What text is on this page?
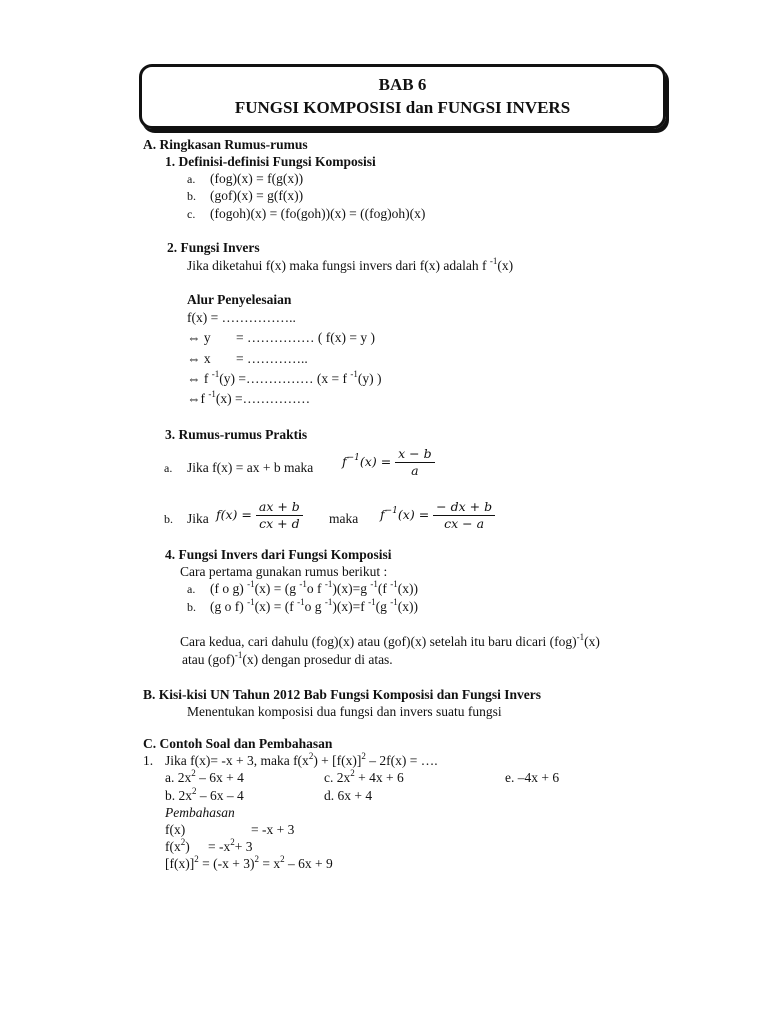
BAB 6
FUNGSI KOMPOSISI dan FUNGSI INVERS
A. Ringkasan Rumus-rumus
1. Definisi-definisi Fungsi Komposisi
a. (fog)(x) = f(g(x))
b. (gof)(x) = g(f(x))
c. (fogoh)(x) = (fo(goh))(x) = ((fog)oh)(x)
2. Fungsi Invers
Jika diketahui f(x) maka fungsi invers dari f(x) adalah f $^{-1}$(x)
Alur Penyelesaian
f(x) = ……………..
⇔ y = …………… ( f(x) = y )
⇔ x = …………..
⇔ f $^{-1}$(y) =…………… (x = f $^{-1}$(y) )
⇔f $^{-1}$(x) =……………
3. Rumus-rumus Praktis
a. Jika f(x) = ax + b maka $f^{-1}(x) = \frac{x - b}{a}$
b. Jika $f(x) = \frac{ax + b}{cx + d}$ maka $f^{-1}(x) = \frac{- dx + b}{cx - a}$
4. Fungsi Invers dari Fungsi Komposisi
Cara pertama gunakan rumus berikut :
a. (f o g) $^{-1}$(x) = (g $^{-1}$o f $^{-1}$)(x)=g $^{-1}$(f $^{-1}$(x))
b. (g o f) $^{-1}$(x) = (f $^{-1}$o g $^{-1}$)(x)=f $^{-1}$(g $^{-1}$(x))
Cara kedua, cari dahulu (fog)(x) atau (gof)(x) setelah itu baru dicari (fog)$^{-1}$(x)
atau (gof)$^{-1}$(x) dengan prosedur di atas.
B. Kisi-kisi UN Tahun 2012 Bab Fungsi Komposisi dan Fungsi Invers
Menentukan komposisi dua fungsi dan invers suatu fungsi
C. Contoh Soal dan Pembahasan
1. Jika f(x)= -x + 3, maka $f(x^2) + [f(x)]^2 - 2f(x)$ = ….
a. $2x^2 - 6x + 4$	c. $2x^2 + 4x + 6$	e. –4x + 6
b. $2x^2 - 6x - 4$	d. 6x + 4
Pembahasan
f(x)	= -x + 3
$f(x^2) = -x^2+ 3$
$[f(x)]^2 = (-x + 3)^2 = x^2 - 6x + 9$
